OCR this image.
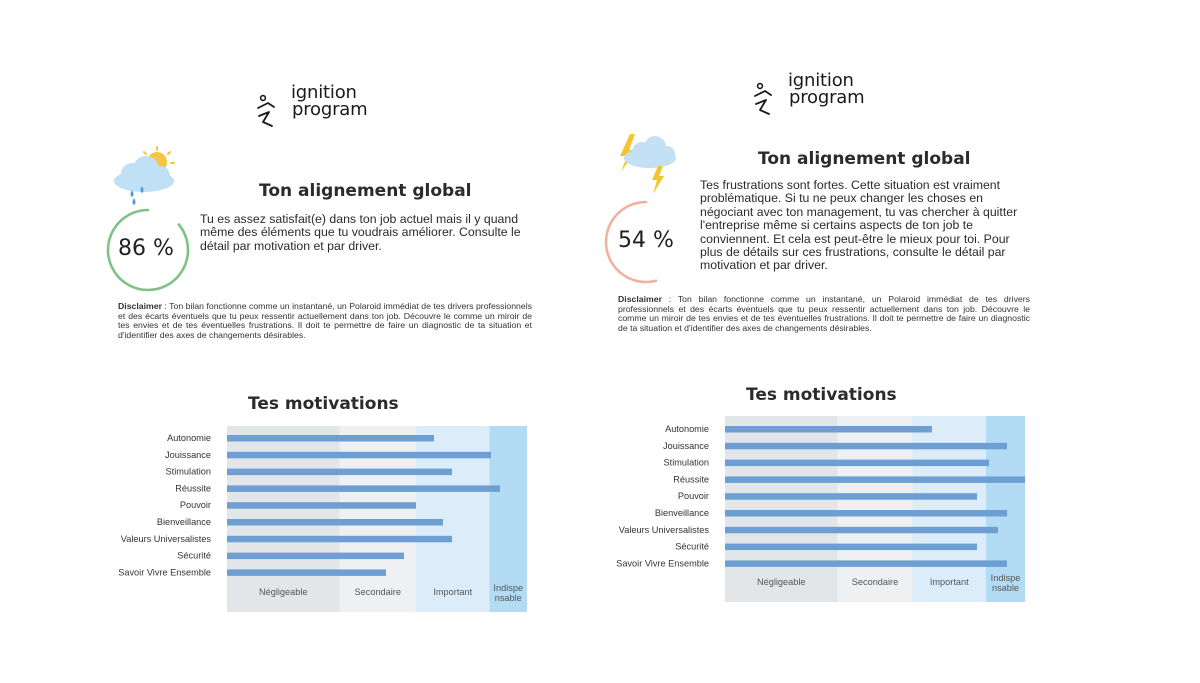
ignition
program
Ton alignement global
86 %
Tu es assez satisfait(e) dans ton job actuel mais il y quand même des éléments que tu voudrais améliorer. Consulte le détail par motivation et par driver.
Disclaimer : Ton bilan fonctionne comme un instantané, un Polaroid immédiat de tes drivers professionnels et des écarts éventuels que tu peux ressentir actuellement dans ton job. Découvre le comme un miroir de tes envies et de tes éventuelles frustrations. Il doit te permettre de faire un diagnostic de ta situation et d'identifier des axes de changements désirables.
Tes motivations
Négligeable	Secondaire	Important Indispe nsable
Autonomie
Jouissance
Stimulation
Réussite
Pouvoir
Bienveillance
Valeurs Universalistes
Sécurité
Savoir Vivre Ensemble
ignition
program
Ton alignement global
54 %
Tes frustrations sont fortes. Cette situation est vraiment problématique. Si tu ne peux changer les choses en négociant avec ton management, tu vas chercher à quitter l'entreprise même si certains aspects de ton job te conviennent. Et cela est peut-être le mieux pour toi. Pour plus de détails sur ces frustrations, consulte le détail par motivation et par driver.
Disclaimer : Ton bilan fonctionne comme un instantané, un Polaroid immédiat de tes drivers professionnels et des écarts éventuels que tu peux ressentir actuellement dans ton job. Découvre le comme un miroir de tes envies et de tes éventuelles frustrations. Il doit te permettre de faire un diagnostic de ta situation et d'identifier des axes de changements désirables.
Tes motivations
Négligeable	Secondaire	Important Indispe nsable
Autonomie
Jouissance
Stimulation
Réussite
Pouvoir
Bienveillance
Valeurs Universalistes
Sécurité
Savoir Vivre Ensemble
